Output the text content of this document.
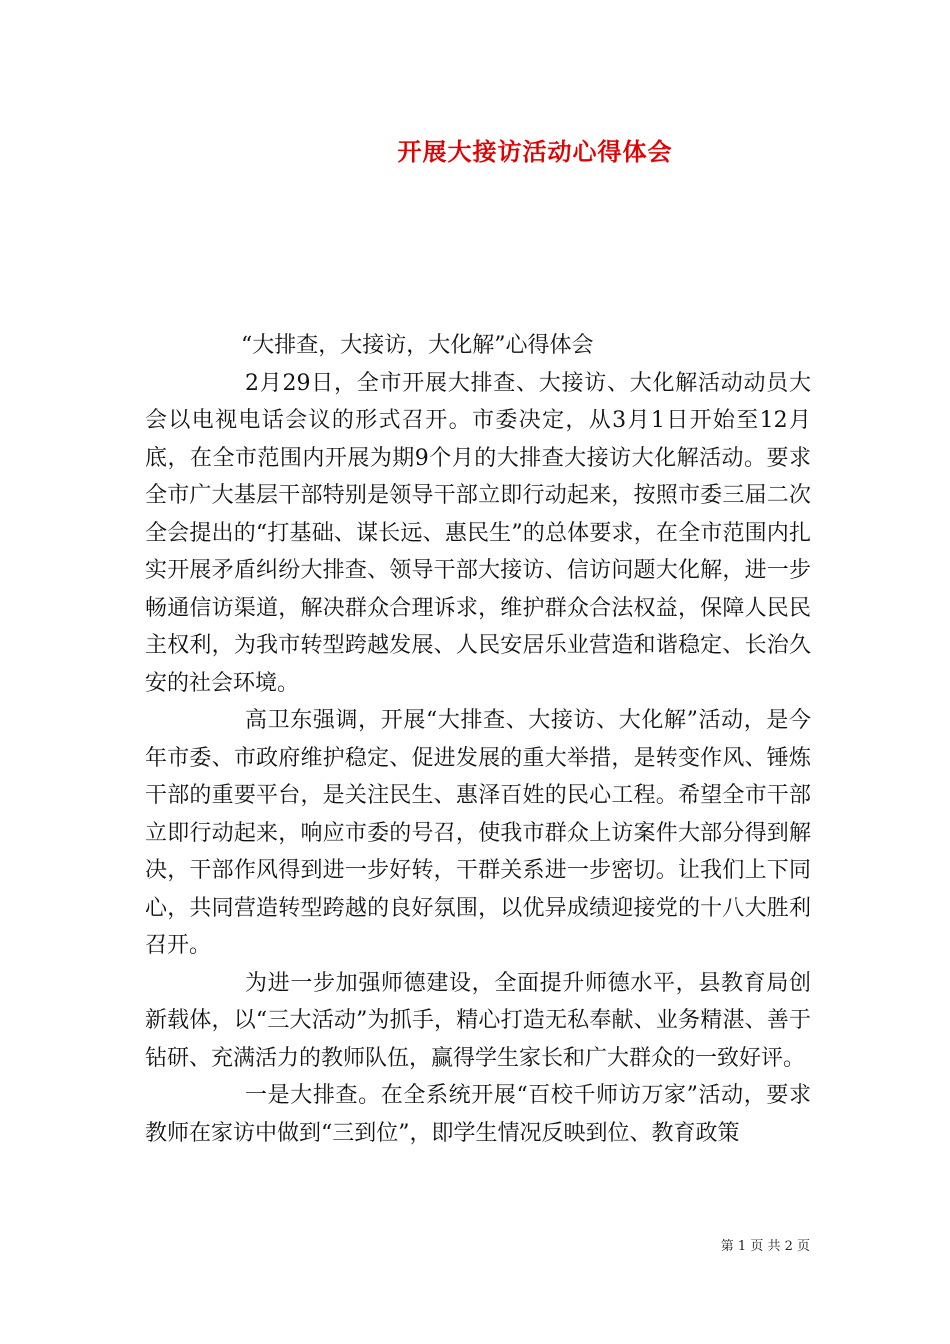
开展大接访活动心得体会

“大排查，大接访，大化解”心得体会

2月29日，全市开展大排查、大接访、大化解活动动员大会以电视电话会议的形式召开。市委决定，从3月1日开始至12月底，在全市范围内开展为期9个月的大排查大接访大化解活动。要求全市广大基层干部特别是领导干部立即行动起来，按照市委三届二次全会提出的“打基础、谋长远、惠民生”的总体要求，在全市范围内扎实开展矛盾纠纷大排查、领导干部大接访、信访问题大化解，进一步畅通信访渠道，解决群众合理诉求，维护群众合法权益，保障人民民主权利，为我市转型跨越发展、人民安居乐业营造和谐稳定、长治久安的社会环境。

高卫东强调，开展“大排查、大接访、大化解”活动，是今年市委、市政府维护稳定、促进发展的重大举措，是转变作风、锤炼干部的重要平台，是关注民生、惠泽百姓的民心工程。希望全市干部立即行动起来，响应市委的号召，使我市群众上访案件大部分得到解决，干部作风得到进一步好转，干群关系进一步密切。让我们上下同心，共同营造转型跨越的良好氛围，以优异成绩迎接党的十八大胜利召开。

为进一步加强师德建设，全面提升师德水平，县教育局创新载体，以“三大活动”为抓手，精心打造无私奉献、业务精湛、善于钻研、充满活力的教师队伍，赢得学生家长和广大群众的一致好评。

一是大排查。在全系统开展“百校千师访万家”活动，要求教师在家访中做到“三到位”，即学生情况反映到位、教育政策

第 1 页 共 2 页
